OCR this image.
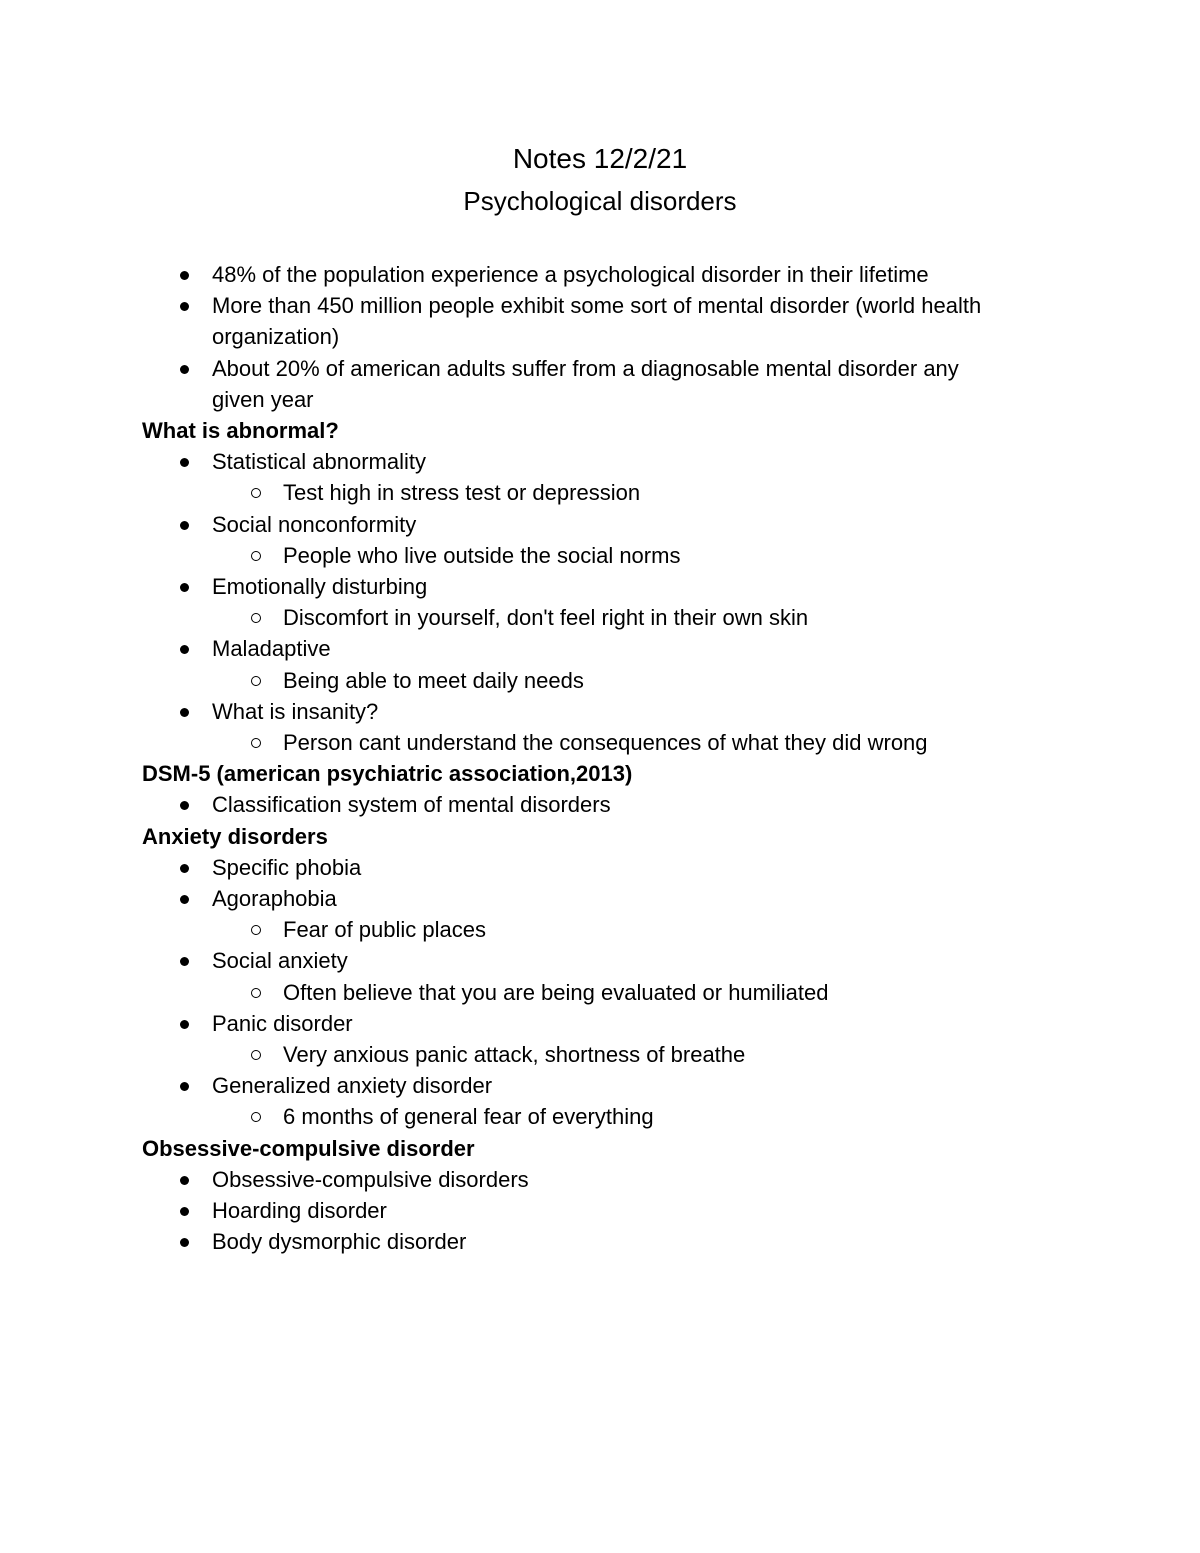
Notes 12/2/21
Psychological disorders
48% of the population experience a psychological disorder in their lifetime
More than 450 million people exhibit some sort of mental disorder (world health
organization)
About 20% of american adults suffer from a diagnosable mental disorder any
given year
What is abnormal?
Statistical abnormality
Test high in stress test or depression
Social nonconformity
People who live outside the social norms
Emotionally disturbing
Discomfort in yourself, don't feel right in their own skin
Maladaptive
Being able to meet daily needs
What is insanity?
Person cant understand the consequences of what they did wrong
DSM-5 (american psychiatric association,2013)
Classification system of mental disorders
Anxiety disorders
Specific phobia
Agoraphobia
Fear of public places
Social anxiety
Often believe that you are being evaluated or humiliated
Panic disorder
Very anxious panic attack, shortness of breathe
Generalized anxiety disorder
6 months of general fear of everything
Obsessive-compulsive disorder
Obsessive-compulsive disorders
Hoarding disorder
Body dysmorphic disorder
